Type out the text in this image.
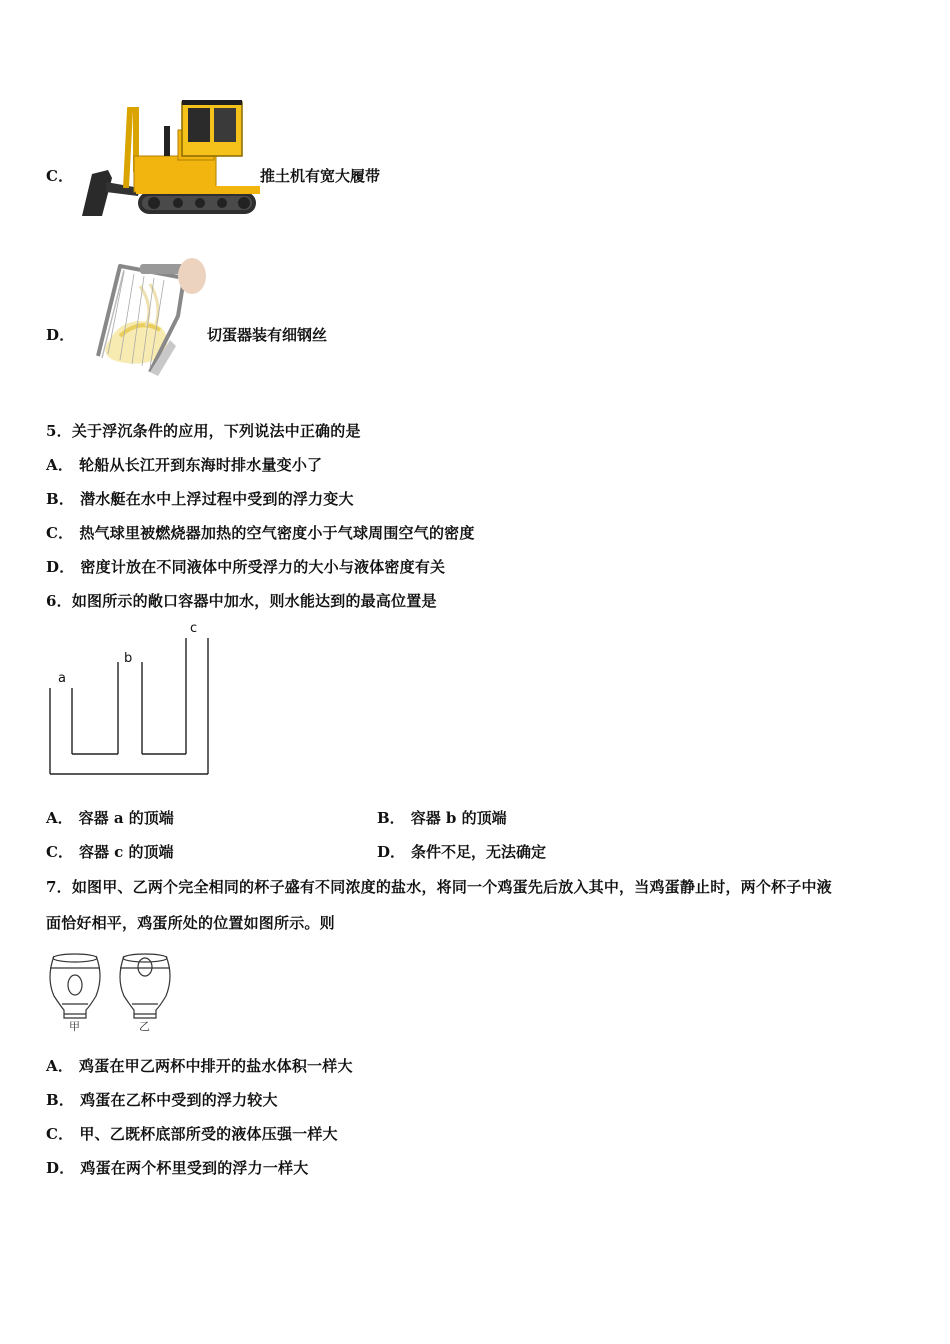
C．	推土机有宽大履带
D．	切蛋器装有细钢丝
5．关于浮沉条件的应用，下列说法中正确的是
A． 轮船从长江开到东海时排水量变小了
B． 潜水艇在水中上浮过程中受到的浮力变大
C． 热气球里被燃烧器加热的空气密度小于气球周围空气的密度
D． 密度计放在不同液体中所受浮力的大小与液体密度有关
6．如图所示的敞口容器中加水，则水能达到的最高位置是
a
b
c
A． 容器 a 的顶端	B． 容器 b 的顶端
C． 容器 c 的顶端	D． 条件不足，无法确定
7．如图甲、乙两个完全相同的杯子盛有不同浓度的盐水，将同一个鸡蛋先后放入其中，当鸡蛋静止时，两个杯子中液
面恰好相平，鸡蛋所处的位置如图所示。则
甲	乙
A． 鸡蛋在甲乙两杯中排开的盐水体积一样大
B． 鸡蛋在乙杯中受到的浮力较大
C． 甲、乙既杯底部所受的液体压强一样大
D． 鸡蛋在两个杯里受到的浮力一样大
